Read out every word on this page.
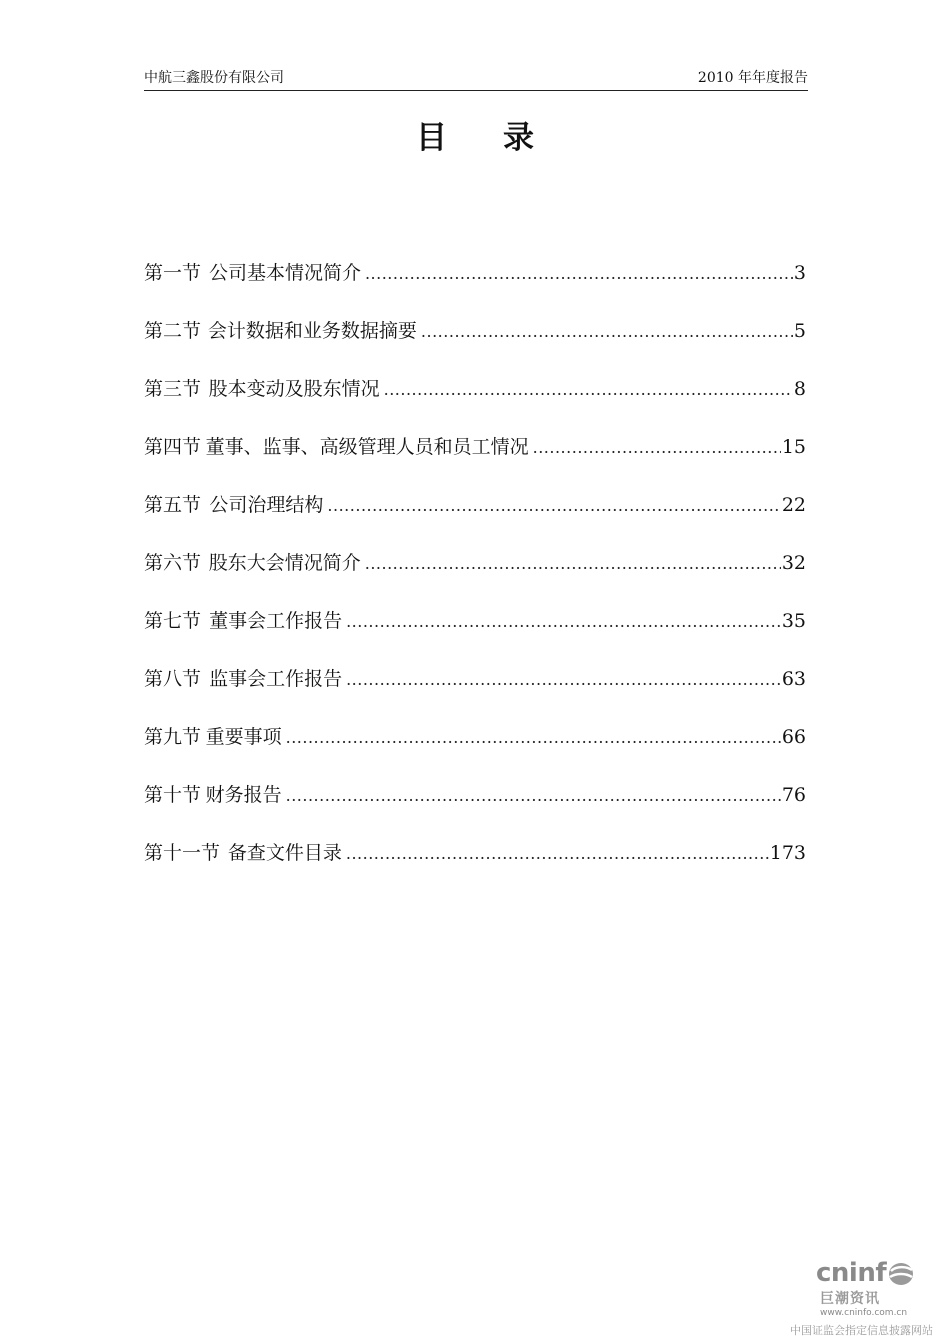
中航三鑫股份有限公司	2010 年年度报告
目录
第一节 公司基本情况简介 .....	3
第二节 会计数据和业务数据摘要 .....	5
第三节 股本变动及股东情况 .....	8
第四节 董事、监事、高级管理人员和员工情况 .....	15
第五节 公司治理结构 .....	22
第六节 股东大会情况简介 .....	32
第七节 董事会工作报告 .....	35
第八节 监事会工作报告 .....	63
第九节 重要事项 .....	66
第十节 财务报告 .....	76
第十一节 备查文件目录 .....	173
cninf
巨潮资讯
www.cninfo.com.cn
中国证监会指定信息披露网站
